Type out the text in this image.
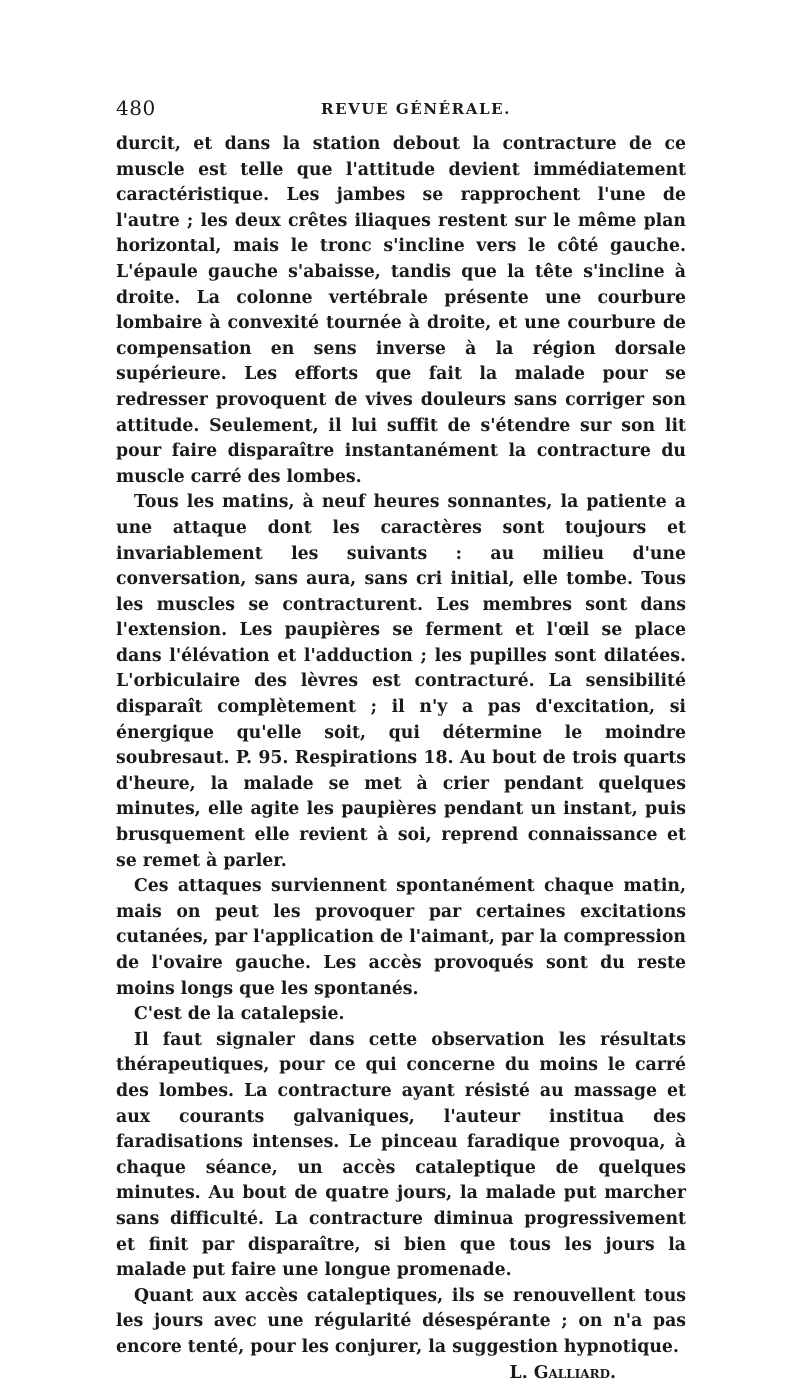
480	REVUE GÉNÉRALE.

durcit, et dans la station debout la contracture de ce muscle est telle que l'attitude devient immédiatement caractéristique. Les jambes se rapprochent l'une de l'autre ; les deux crêtes iliaques restent sur le même plan horizontal, mais le tronc s'incline vers le côté gauche. L'épaule gauche s'abaisse, tandis que la tête s'incline à droite. La colonne vertébrale présente une courbure lombaire à convexité tournée à droite, et une courbure de compensation en sens inverse à la région dorsale supérieure. Les efforts que fait la malade pour se redresser provoquent de vives douleurs sans corriger son attitude. Seulement, il lui suffit de s'étendre sur son lit pour faire disparaître instantanément la contracture du muscle carré des lombes.

Tous les matins, à neuf heures sonnantes, la patiente a une attaque dont les caractères sont toujours et invariablement les suivants : au milieu d'une conversation, sans aura, sans cri initial, elle tombe. Tous les muscles se contracturent. Les membres sont dans l'extension. Les paupières se ferment et l'œil se place dans l'élévation et l'adduction ; les pupilles sont dilatées. L'orbiculaire des lèvres est contracturé. La sensibilité disparaît complètement ; il n'y a pas d'excitation, si énergique qu'elle soit, qui détermine le moindre soubresaut. P. 95. Respirations 18. Au bout de trois quarts d'heure, la malade se met à crier pendant quelques minutes, elle agite les paupières pendant un instant, puis brusquement elle revient à soi, reprend connaissance et se remet à parler.

Ces attaques surviennent spontanément chaque matin, mais on peut les provoquer par certaines excitations cutanées, par l'application de l'aimant, par la compression de l'ovaire gauche. Les accès provoqués sont du reste moins longs que les spontanés.

C'est de la catalepsie.

Il faut signaler dans cette observation les résultats thérapeutiques, pour ce qui concerne du moins le carré des lombes. La contracture ayant résisté au massage et aux courants galvaniques, l'auteur institua des faradisations intenses. Le pinceau faradique provoqua, à chaque séance, un accès cataleptique de quelques minutes. Au bout de quatre jours, la malade put marcher sans difficulté. La contracture diminua progressivement et finit par disparaître, si bien que tous les jours la malade put faire une longue promenade.

Quant aux accès cataleptiques, ils se renouvellent tous les jours avec une régularité désespérante ; on n'a pas encore tenté, pour les conjurer, la suggestion hypnotique.

L. Galliard.
